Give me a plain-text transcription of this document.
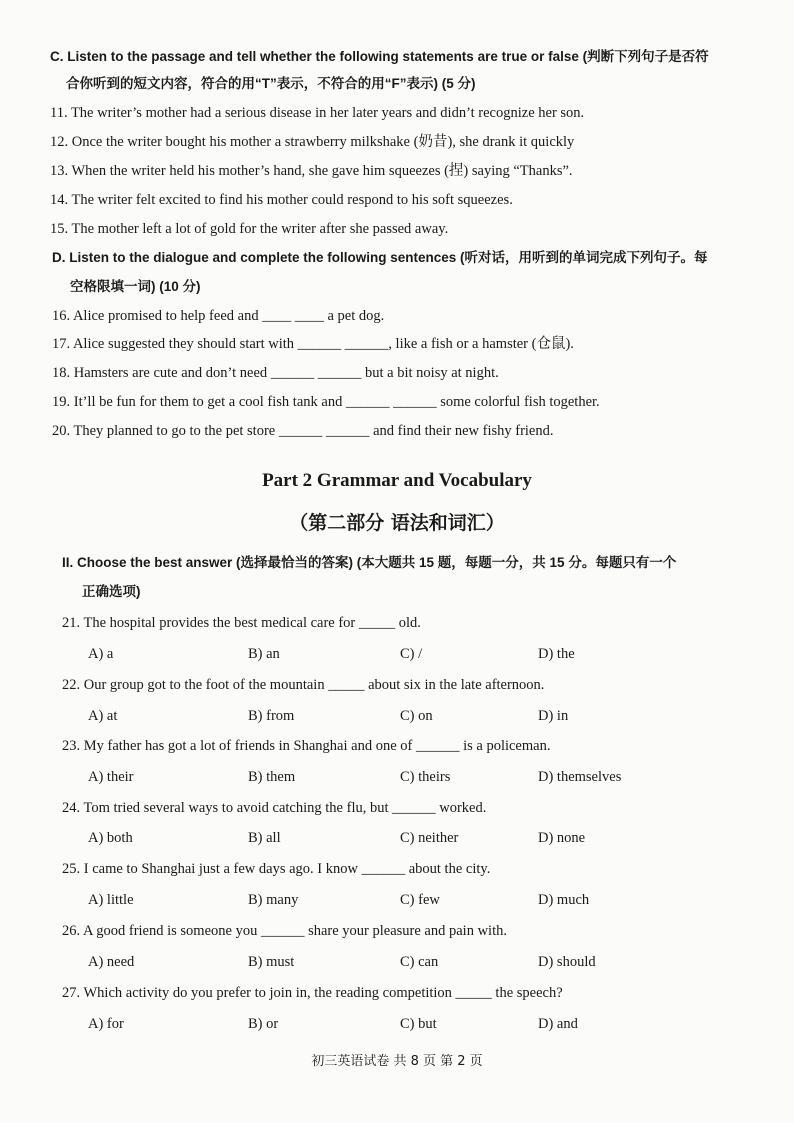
C. Listen to the passage and tell whether the following statements are true or false (判断下列句子是否符
合你听到的短文内容，符合的用“T”表示，不符合的用“F”表示) (5 分)
11. The writer’s mother had a serious disease in her later years and didn’t recognize her son.
12. Once the writer bought his mother a strawberry milkshake (奶昔), she drank it quickly
13. When the writer held his mother’s hand, she gave him squeezes (捏) saying “Thanks”.
14. The writer felt excited to find his mother could respond to his soft squeezes.
15. The mother left a lot of gold for the writer after she passed away.
D. Listen to the dialogue and complete the following sentences (听对话，用听到的单词完成下列句子。每
空格限填一词) (10 分)
16. Alice promised to help feed and ____ ____ a pet dog.
17. Alice suggested they should start with ______ ______, like a fish or a hamster (仓鼠).
18. Hamsters are cute and don’t need ______ ______ but a bit noisy at night.
19. It’ll be fun for them to get a cool fish tank and ______ ______ some colorful fish together.
20. They planned to go to the pet store ______ ______ and find their new fishy friend.
Part 2 Grammar and Vocabulary
（第二部分 语法和词汇）
II. Choose the best answer (选择最恰当的答案) (本大题共 15 题，每题一分，共 15 分。每题只有一个
正确选项)
21. The hospital provides the best medical care for _____ old.
A) a	B) an	C) /	D) the
22. Our group got to the foot of the mountain _____ about six in the late afternoon.
A) at	B) from	C) on	D) in
23. My father has got a lot of friends in Shanghai and one of ______ is a policeman.
A) their	B) them	C) theirs	D) themselves
24. Tom tried several ways to avoid catching the flu, but ______ worked.
A) both	B) all	C) neither	D) none
25. I came to Shanghai just a few days ago. I know ______ about the city.
A) little	B) many	C) few	D) much
26. A good friend is someone you ______ share your pleasure and pain with.
A) need	B) must	C) can	D) should
27. Which activity do you prefer to join in, the reading competition _____ the speech?
A) for	B) or	C) but	D) and
初三英语试卷 共 8 页 第 2 页
